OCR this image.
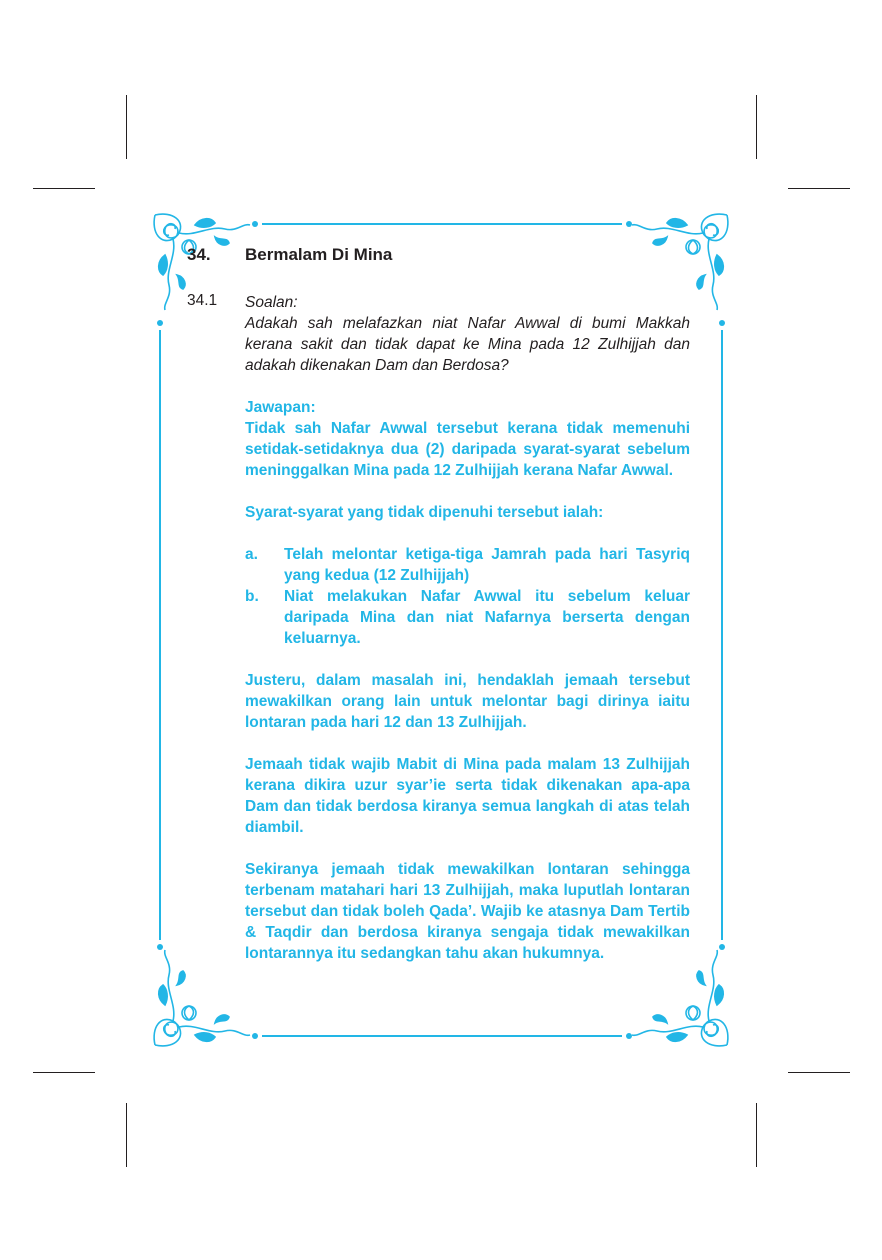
34. Bermalam Di Mina
34.1 Soalan:

Adakah sah melafazkan niat Nafar Awwal di bumi Makkah kerana sakit dan tidak dapat ke Mina pada 12 Zulhijjah dan adakah dikenakan Dam dan Berdosa?

Jawapan:

Tidak sah Nafar Awwal tersebut kerana tidak memenuhi setidak-setidaknya dua (2) daripada syarat-syarat sebelum meninggalkan Mina pada 12 Zulhijjah kerana Nafar Awwal.

Syarat-syarat yang tidak dipenuhi tersebut ialah:

a. Telah melontar ketiga-tiga Jamrah pada hari Tasyriq yang kedua (12 Zulhijjah)

b. Niat melakukan Nafar Awwal itu sebelum keluar daripada Mina dan niat Nafarnya berserta dengan keluarnya.

Justeru, dalam masalah ini, hendaklah jemaah tersebut mewakilkan orang lain untuk melontar bagi dirinya iaitu lontaran pada hari 12 dan 13 Zulhijjah.

Jemaah tidak wajib Mabit di Mina pada malam 13 Zulhijjah kerana dikira uzur syar’ie serta tidak dikenakan apa-apa Dam dan tidak berdosa kiranya semua langkah di atas telah diambil.

Sekiranya jemaah tidak mewakilkan lontaran sehingga terbenam matahari hari 13 Zulhijjah, maka luputlah lontaran tersebut dan tidak boleh Qada’. Wajib ke atasnya Dam Tertib & Taqdir dan berdosa kiranya sengaja tidak mewakilkan lontarannya itu sedangkan tahu akan hukumnya.
